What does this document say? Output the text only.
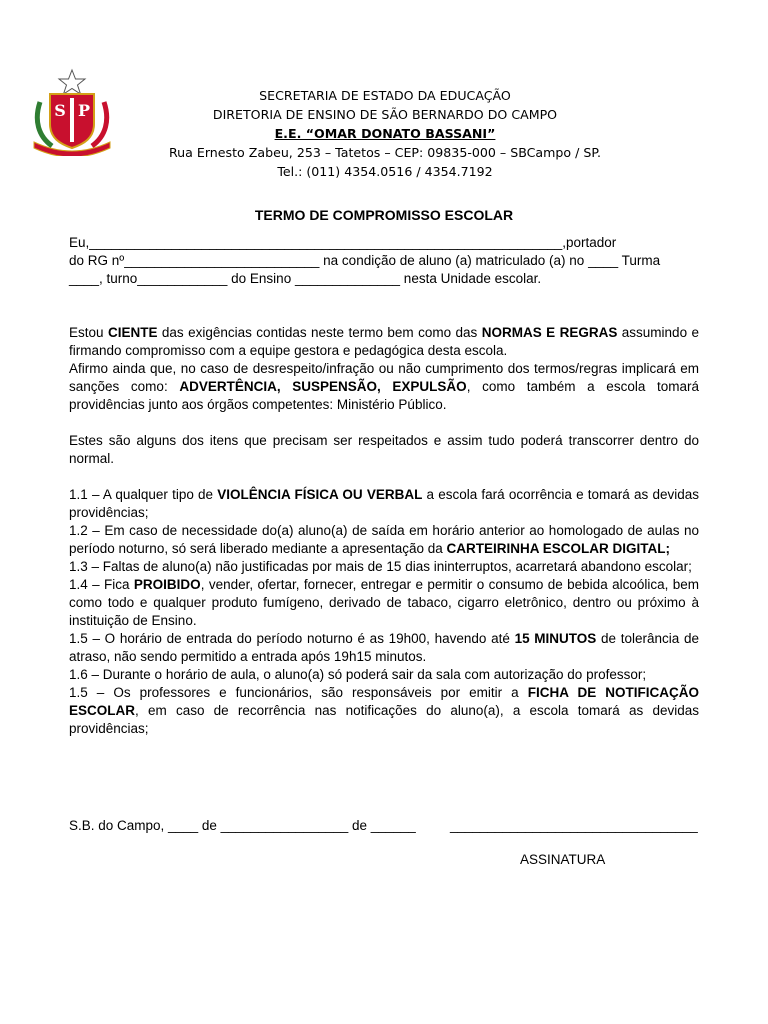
S P
SECRETARIA DE ESTADO DA EDUCAÇÃO
DIRETORIA DE ENSINO DE SÃO BERNARDO DO CAMPO
E.E. “OMAR DONATO BASSANI”
Rua Ernesto Zabeu, 253 – Tatetos – CEP: 09835-000 – SBCampo / SP.
Tel.: (011) 4354.0516 / 4354.7192
TERMO DE COMPROMISSO ESCOLAR

Eu,_______________________________________________________________,portador
do RG nº__________________________ na condição de aluno (a) matriculado (a) no ____ Turma
____, turno____________ do Ensino ______________ nesta Unidade escolar.

Estou CIENTE das exigências contidas neste termo bem como das NORMAS E REGRAS assumindo e firmando compromisso com a equipe gestora e pedagógica desta escola.

Afirmo ainda que, no caso de desrespeito/infração ou não cumprimento dos termos/regras implicará em sanções como: ADVERTÊNCIA, SUSPENSÃO, EXPULSÃO, como também a escola tomará providências junto aos órgãos competentes: Ministério Público.

Estes são alguns dos itens que precisam ser respeitados e assim tudo poderá transcorrer dentro do normal.

1.1 – A qualquer tipo de VIOLÊNCIA FÍSICA OU VERBAL a escola fará ocorrência e tomará as devidas providências;

1.2 – Em caso de necessidade do(a) aluno(a) de saída em horário anterior ao homologado de aulas no período noturno, só será liberado mediante a apresentação da CARTEIRINHA ESCOLAR DIGITAL;

1.3 – Faltas de aluno(a) não justificadas por mais de 15 dias ininterruptos, acarretará abandono escolar;

1.4 – Fica PROIBIDO, vender, ofertar, fornecer, entregar e permitir o consumo de bebida alcoólica, bem como todo e qualquer produto fumígeno, derivado de tabaco, cigarro eletrônico, dentro ou próximo à instituição de Ensino.

1.5 – O horário de entrada do período noturno é as 19h00, havendo até 15 MINUTOS de tolerância de atraso, não sendo permitido a entrada após 19h15 minutos.

1.6 – Durante o horário de aula, o aluno(a) só poderá sair da sala com autorização do professor;

1.5 – Os professores e funcionários, são responsáveis por emitir a FICHA DE NOTIFICAÇÃO ESCOLAR, em caso de recorrência nas notificações do aluno(a), a escola tomará as devidas providências;

S.B. do Campo, ____ de _________________ de ______	_________________________________
ASSINATURA
